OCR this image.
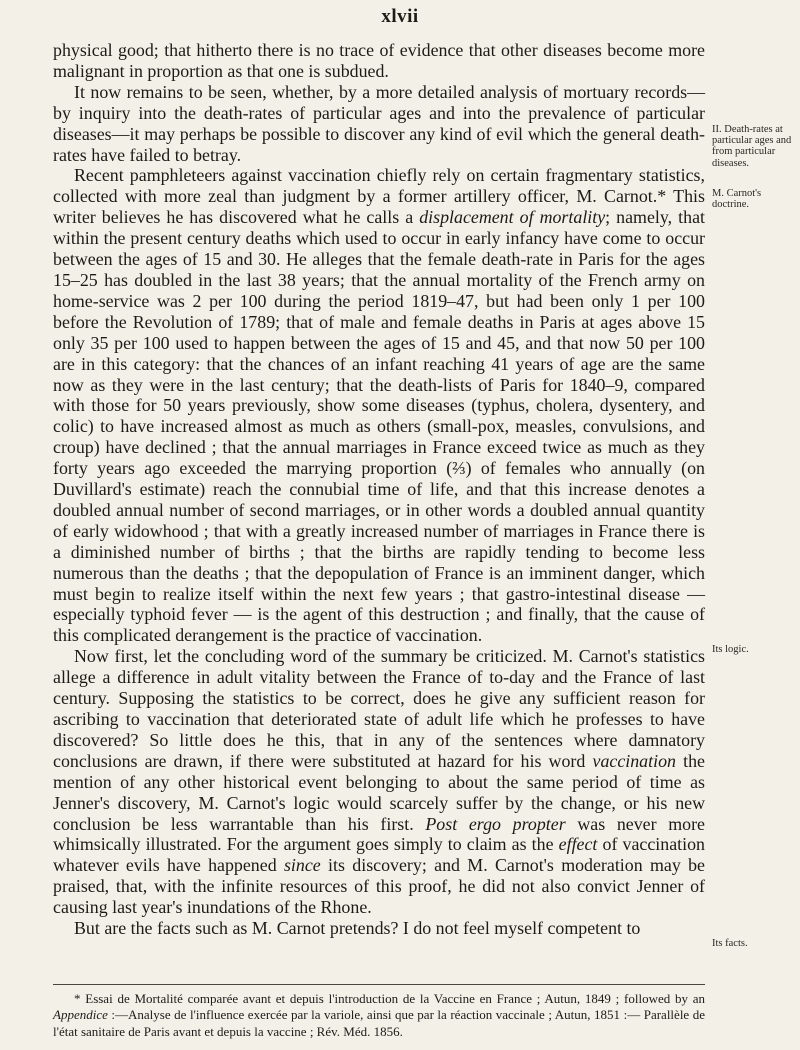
xlvii

physical good; that hitherto there is no trace of evidence that other diseases become more malignant in proportion as that one is subdued.

It now remains to be seen, whether, by a more detailed analysis of mortuary records—by inquiry into the death-rates of particular ages and into the prevalence of particular diseases—it may perhaps be possible to discover any kind of evil which the general death-rates have failed to betray.

Recent pamphleteers against vaccination chiefly rely on certain fragmentary statistics, collected with more zeal than judgment by a former artillery officer, M. Carnot.* This writer believes he has discovered what he calls a displacement of mortality; namely, that within the present century deaths which used to occur in early infancy have come to occur between the ages of 15 and 30. He alleges that the female death-rate in Paris for the ages 15–25 has doubled in the last 38 years; that the annual mortality of the French army on home-service was 2 per 100 during the period 1819–47, but had been only 1 per 100 before the Revolution of 1789; that of male and female deaths in Paris at ages above 15 only 35 per 100 used to happen between the ages of 15 and 45, and that now 50 per 100 are in this category: that the chances of an infant reaching 41 years of age are the same now as they were in the last century; that the death-lists of Paris for 1840–9, compared with those for 50 years previously, show some diseases (typhus, cholera, dysentery, and colic) to have increased almost as much as others (small-pox, measles, convulsions, and croup) have declined ; that the annual marriages in France exceed twice as much as they forty years ago exceeded the marrying proportion (⅔) of females who annually (on Duvillard's estimate) reach the connubial time of life, and that this increase denotes a doubled annual number of second marriages, or in other words a doubled annual quantity of early widowhood ; that with a greatly increased number of marriages in France there is a diminished number of births ; that the births are rapidly tending to become less numerous than the deaths ; that the depopulation of France is an imminent danger, which must begin to realize itself within the next few years ; that gastro-intestinal disease — especially typhoid fever — is the agent of this destruction ; and finally, that the cause of this complicated derangement is the practice of vaccination.

Now first, let the concluding word of the summary be criticized. M. Carnot's statistics allege a difference in adult vitality between the France of to-day and the France of last century. Supposing the statistics to be correct, does he give any sufficient reason for ascribing to vaccination that deteriorated state of adult life which he professes to have discovered? So little does he this, that in any of the sentences where damnatory conclusions are drawn, if there were substituted at hazard for his word vaccination the mention of any other historical event belonging to about the same period of time as Jenner's discovery, M. Carnot's logic would scarcely suffer by the change, or his new conclusion be less warrantable than his first. Post ergo propter was never more whimsically illustrated. For the argument goes simply to claim as the effect of vaccination whatever evils have happened since its discovery; and M. Carnot's moderation may be praised, that, with the infinite resources of this proof, he did not also convict Jenner of causing last year's inundations of the Rhone.

But are the facts such as M. Carnot pretends? I do not feel myself competent to

II. Death-rates at particular ages and from particular diseases.
M. Carnot's doctrine.
Its logic.
Its facts.
* Essai de Mortalité comparée avant et depuis l'introduction de la Vaccine en France ; Autun, 1849 ; followed by an Appendice :—Analyse de l'influence exercée par la variole, ainsi que par la réaction vaccinale ; Autun, 1851 :— Parallèle de l'état sanitaire de Paris avant et depuis la vaccine ; Rév. Méd. 1856.
